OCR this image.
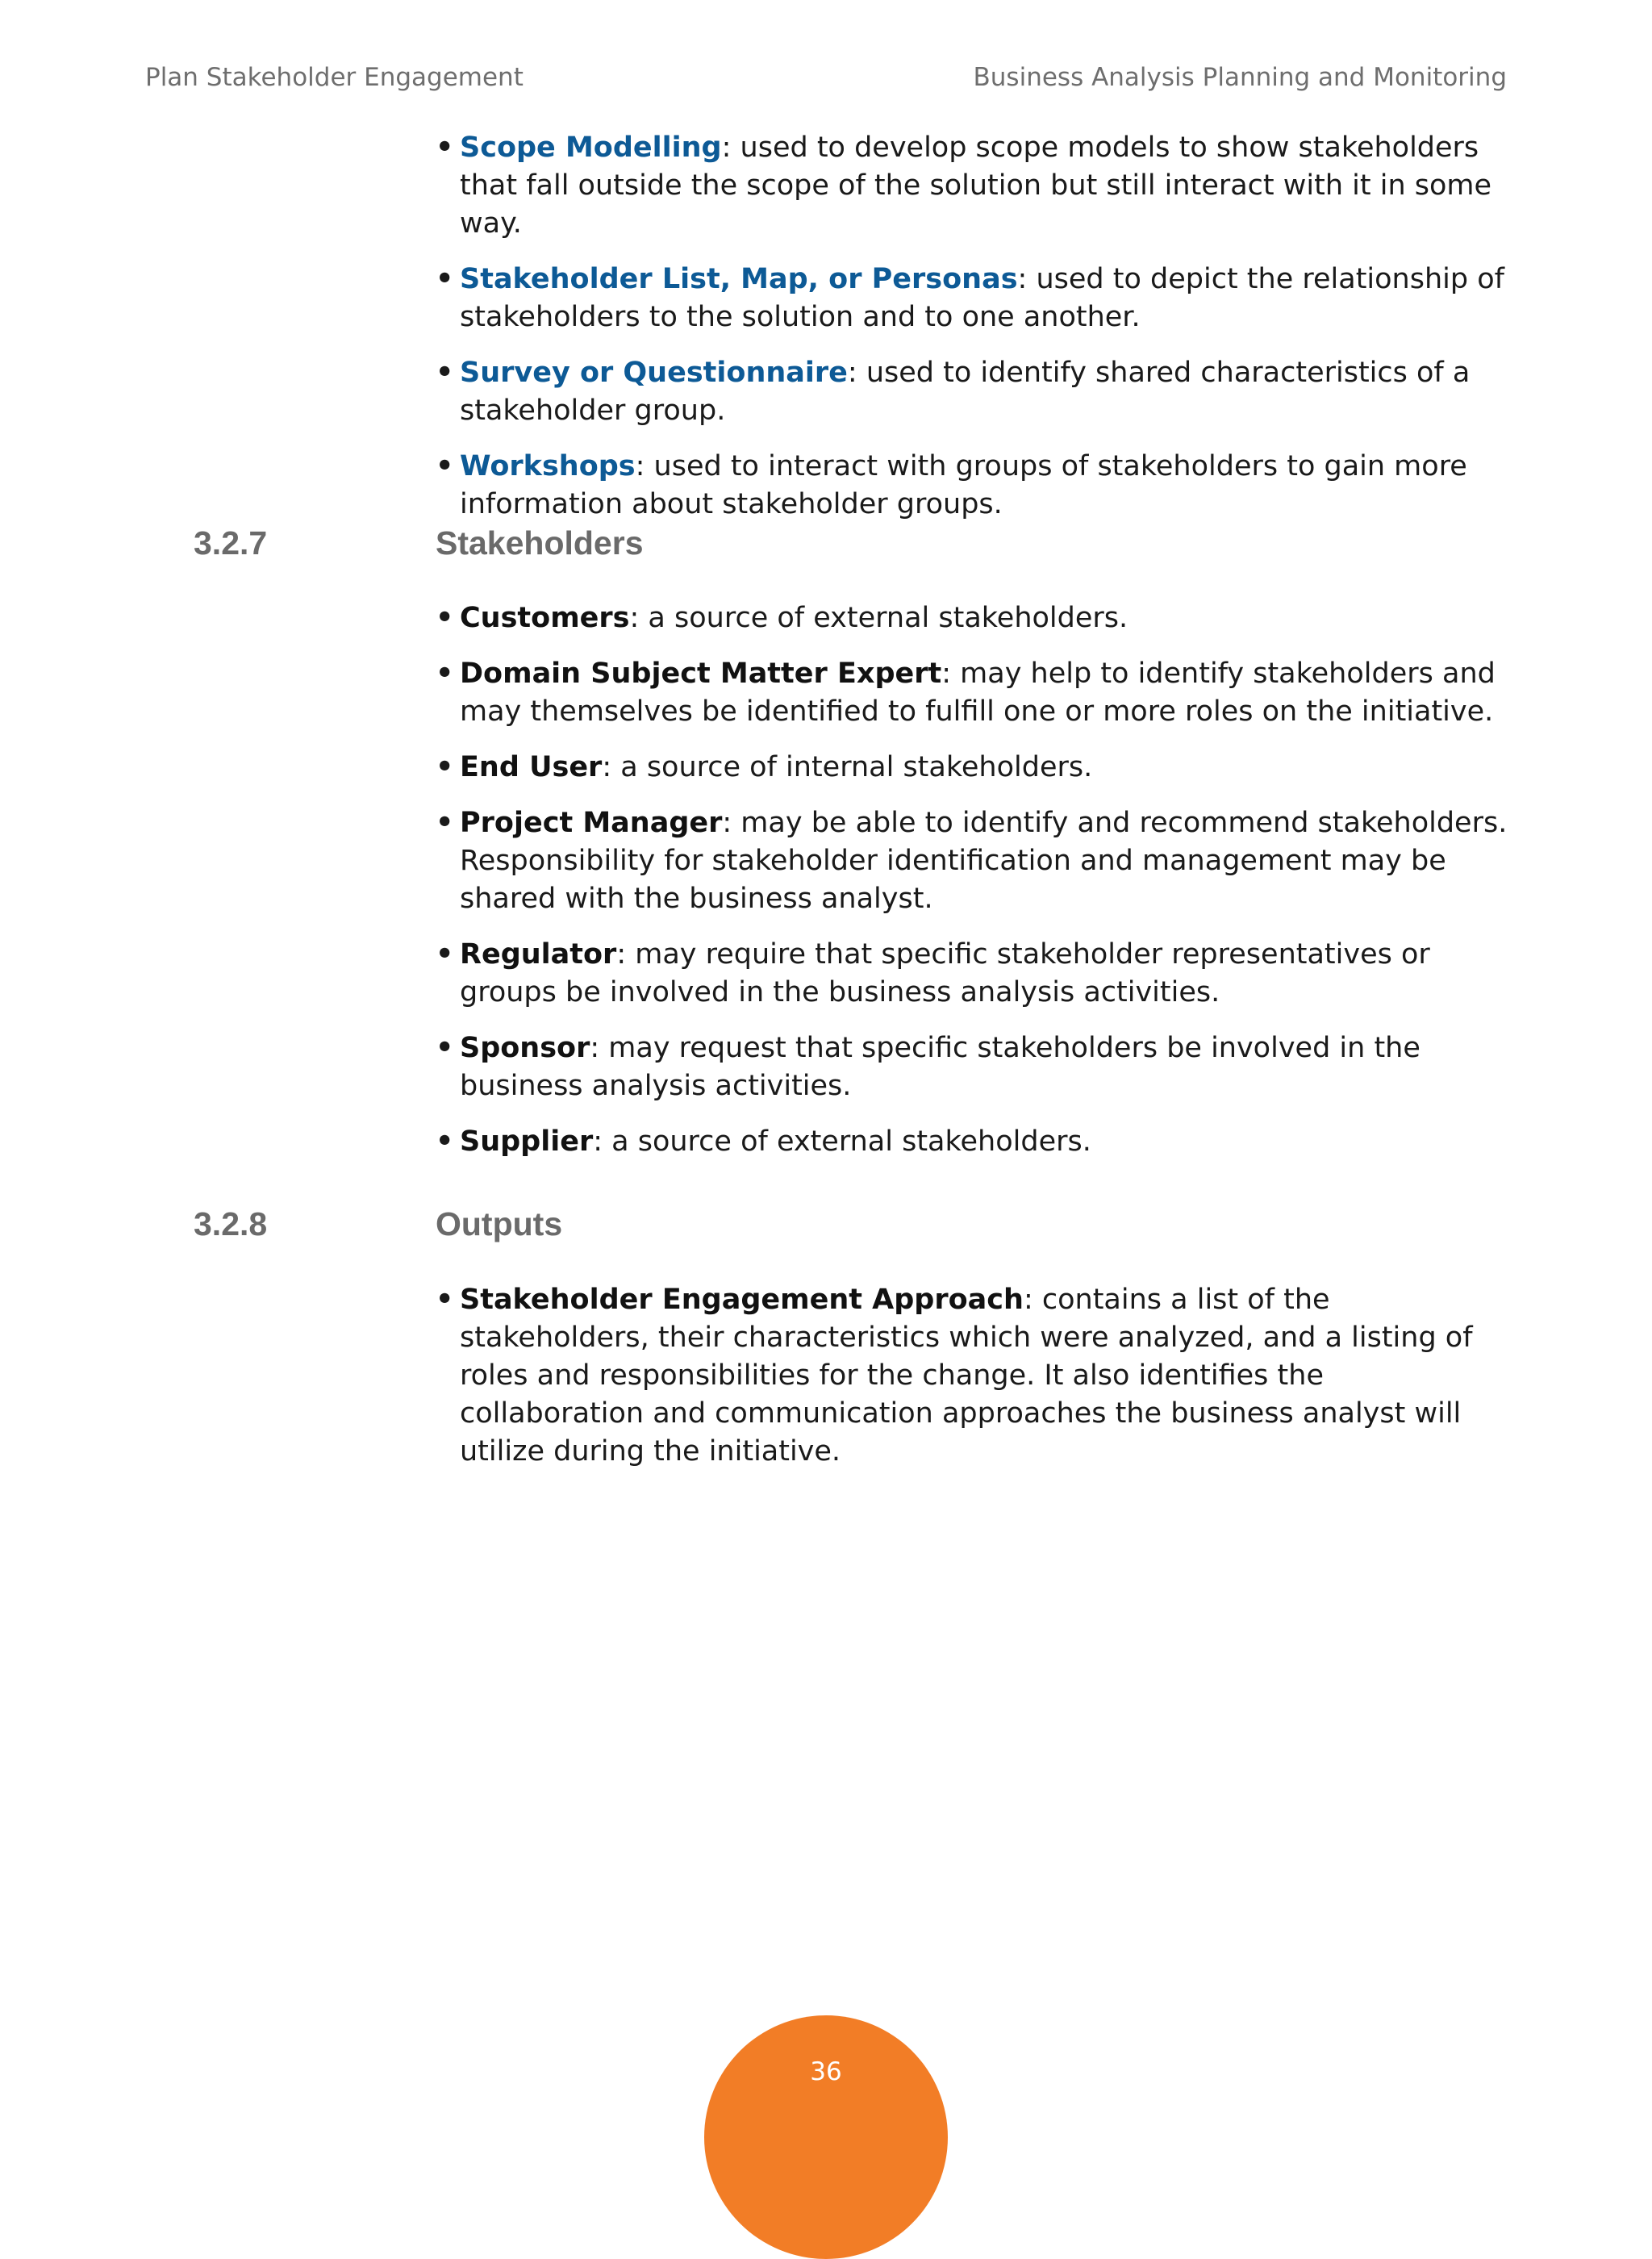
Plan Stakeholder Engagement	Business Analysis Planning and Monitoring
• Scope Modelling: used to develop scope models to show stakeholders that fall outside the scope of the solution but still interact with it in some way.
• Stakeholder List, Map, or Personas: used to depict the relationship of stakeholders to the solution and to one another.
• Survey or Questionnaire: used to identify shared characteristics of a stakeholder group.
• Workshops: used to interact with groups of stakeholders to gain more information about stakeholder groups.
3.2.7	Stakeholders
• Customers: a source of external stakeholders.
• Domain Subject Matter Expert: may help to identify stakeholders and may themselves be identified to fulfill one or more roles on the initiative.
• End User: a source of internal stakeholders.
• Project Manager: may be able to identify and recommend stakeholders. Responsibility for stakeholder identification and management may be shared with the business analyst.
• Regulator: may require that specific stakeholder representatives or groups be involved in the business analysis activities.
• Sponsor: may request that specific stakeholders be involved in the business analysis activities.
• Supplier: a source of external stakeholders.
3.2.8	Outputs
• Stakeholder Engagement Approach: contains a list of the stakeholders, their characteristics which were analyzed, and a listing of roles and responsibilities for the change. It also identifies the collaboration and communication approaches the business analyst will utilize during the initiative.
36
